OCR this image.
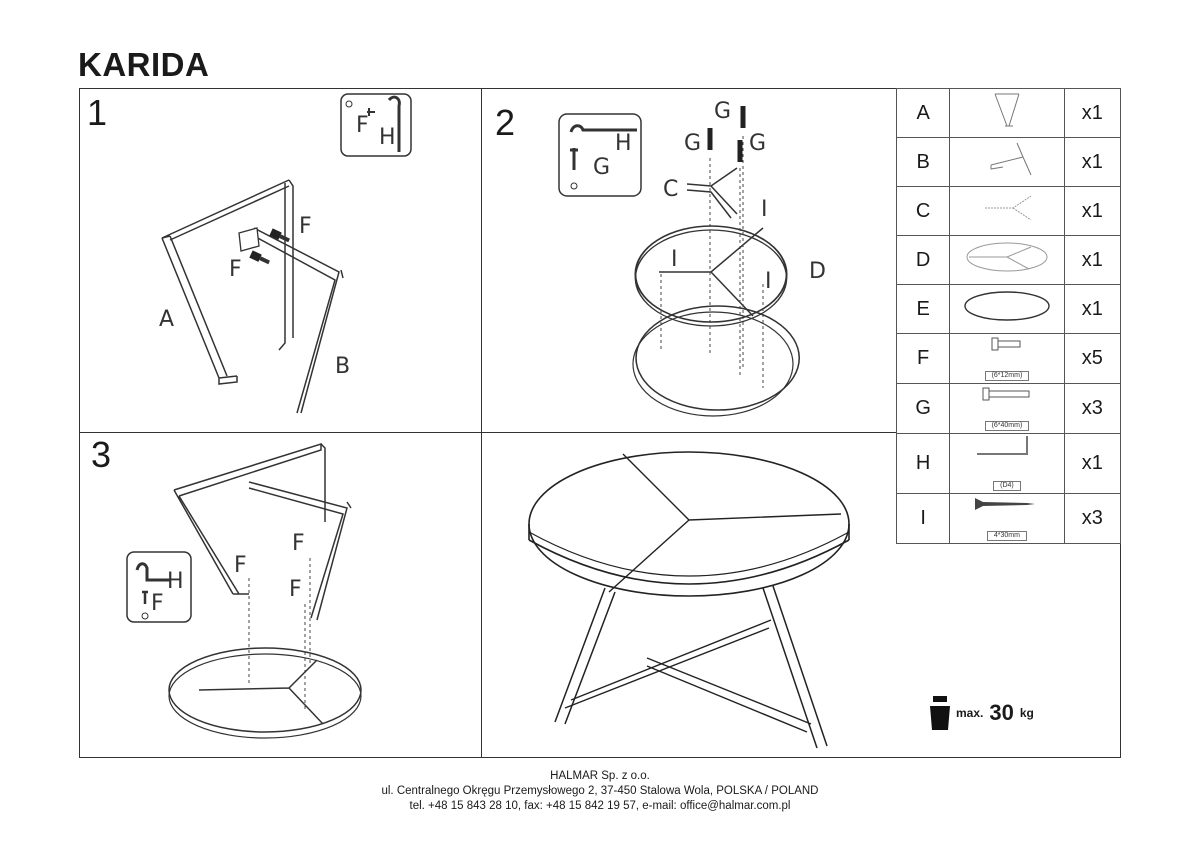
KARIDA
1	F H
F
F
A
B
2
H
G
G
G G
C
I
D
I
I
3
H
F
F
F
F
A		x1
B		x1
C		x1
D		x1
E		x1
F	(6*12mm)	x5
G	(6*40mm)	x3
H	(D4)	x1
I	4*30mm	x3
max. 30 kg
HALMAR Sp. z o.o.
ul. Centralnego Okręgu Przemysłowego 2, 37-450 Stalowa Wola, POLSKA / POLAND
tel. +48 15 843 28 10, fax: +48 15 842 19 57, e-mail: office@halmar.com.pl
